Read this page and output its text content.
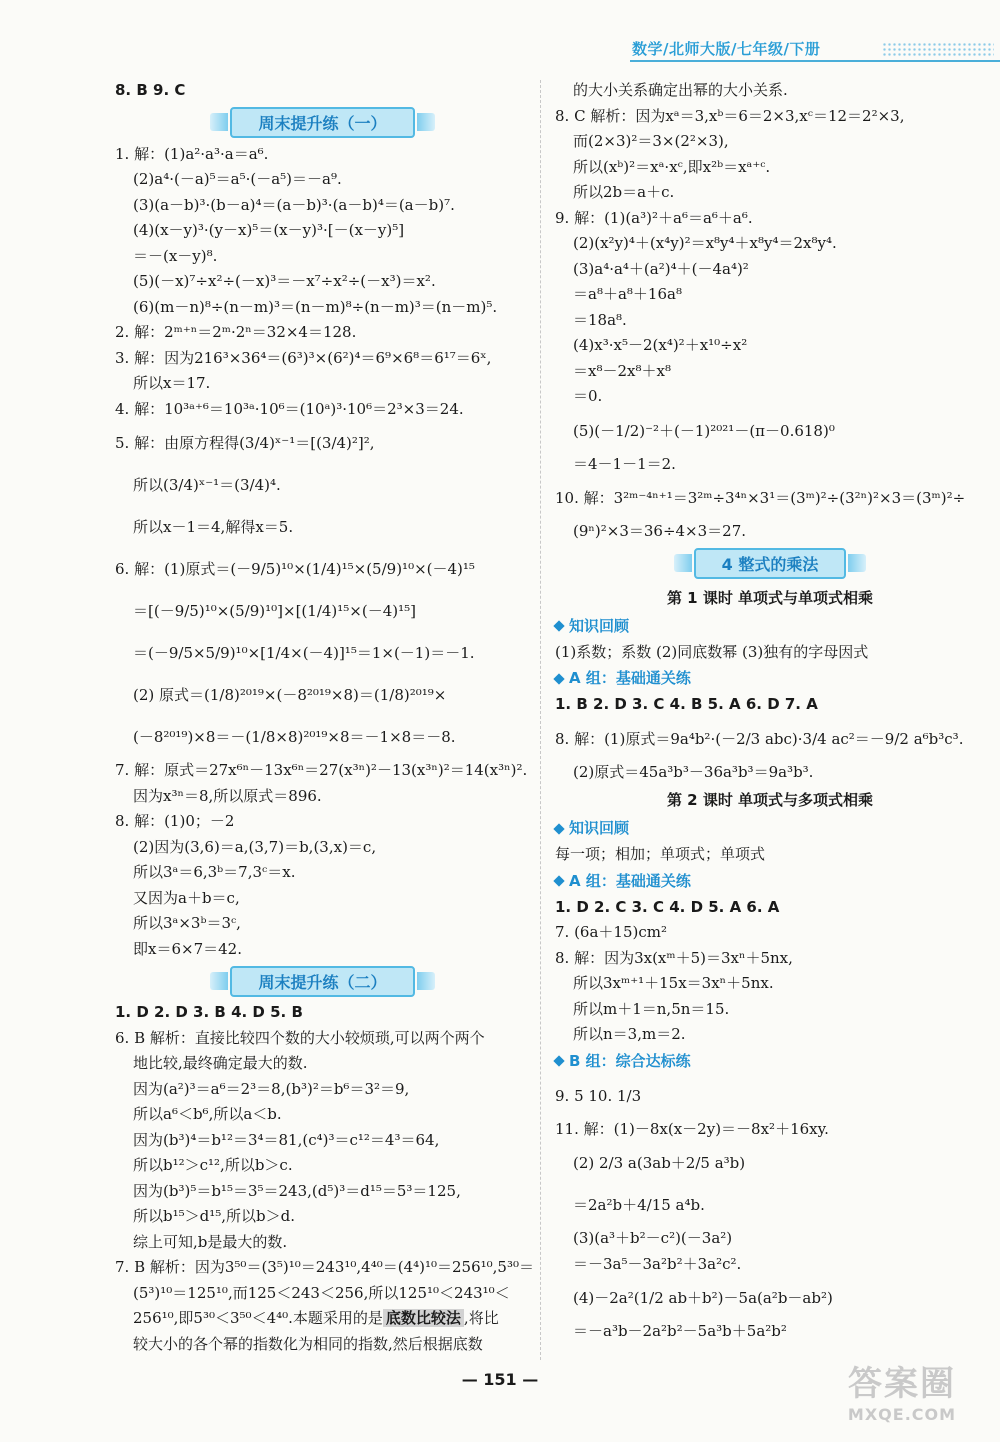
数学/北师大版/七年级/下册
8. B 9. C
周末提升练（一）
1. 解：(1)a²·a³·a＝a⁶.
(2)a⁴·(－a)⁵＝a⁵·(－a⁵)＝－a⁹.
(3)(a－b)³·(b－a)⁴＝(a－b)³·(a－b)⁴＝(a－b)⁷.
(4)(x－y)³·(y－x)⁵＝(x－y)³·[－(x－y)⁵]
＝－(x－y)⁸.
(5)(－x)⁷÷x²÷(－x)³＝－x⁷÷x²÷(－x³)＝x².
(6)(m－n)⁸÷(n－m)³＝(n－m)⁸÷(n－m)³＝(n－m)⁵.
2. 解：2ᵐ⁺ⁿ＝2ᵐ·2ⁿ＝32×4＝128.
3. 解：因为216³×36⁴＝(6³)³×(6²)⁴＝6⁹×6⁸＝6¹⁷＝6ˣ,
所以x＝17.
4. 解：10³ᵃ⁺⁶＝10³ᵃ·10⁶＝(10ᵃ)³·10⁶＝2³×3＝24.
5. 解：由原方程得(3/4)ˣ⁻¹＝[(3/4)²]²,
所以(3/4)ˣ⁻¹＝(3/4)⁴.
所以x－1＝4,解得x＝5.
6. 解：(1)原式＝(－9/5)¹⁰×(1/4)¹⁵×(5/9)¹⁰×(－4)¹⁵
＝[(－9/5)¹⁰×(5/9)¹⁰]×[(1/4)¹⁵×(－4)¹⁵]
＝(－9/5×5/9)¹⁰×[1/4×(－4)]¹⁵＝1×(－1)＝－1.
(2) 原式＝(1/8)²⁰¹⁹×(－8²⁰¹⁹×8)＝(1/8)²⁰¹⁹×
(－8²⁰¹⁹)×8＝－(1/8×8)²⁰¹⁹×8＝－1×8＝－8.
7. 解：原式＝27x⁶ⁿ－13x⁶ⁿ＝27(x³ⁿ)²－13(x³ⁿ)²＝14(x³ⁿ)².
因为x³ⁿ＝8,所以原式＝896.
8. 解：(1)0；－2
(2)因为(3,6)＝a,(3,7)＝b,(3,x)＝c,
所以3ᵃ＝6,3ᵇ＝7,3ᶜ＝x.
又因为a＋b＝c,
所以3ᵃ×3ᵇ＝3ᶜ,
即x＝6×7＝42.
周末提升练（二）
1. D 2. D 3. B 4. D 5. B
6. B 解析：直接比较四个数的大小较烦琐,可以两个两个
地比较,最终确定最大的数.
因为(a²)³＝a⁶＝2³＝8,(b³)²＝b⁶＝3²＝9,
所以a⁶＜b⁶,所以a＜b.
因为(b³)⁴＝b¹²＝3⁴＝81,(c⁴)³＝c¹²＝4³＝64,
所以b¹²＞c¹²,所以b＞c.
因为(b³)⁵＝b¹⁵＝3⁵＝243,(d⁵)³＝d¹⁵＝5³＝125,
所以b¹⁵＞d¹⁵,所以b＞d.
综上可知,b是最大的数.
7. B 解析：因为3⁵⁰＝(3⁵)¹⁰＝243¹⁰,4⁴⁰＝(4⁴)¹⁰＝256¹⁰,5³⁰＝
(5³)¹⁰＝125¹⁰,而125＜243＜256,所以125¹⁰＜243¹⁰＜
256¹⁰,即5³⁰＜3⁵⁰＜4⁴⁰.本题采用的是 底数比较法 ,将比
较大小的各个幂的指数化为相同的指数,然后根据底数
的大小关系确定出幂的大小关系.
8. C 解析：因为xᵃ＝3,xᵇ＝6＝2×3,xᶜ＝12＝2²×3,
而(2×3)²＝3×(2²×3),
所以(xᵇ)²＝xᵃ·xᶜ,即x²ᵇ＝xᵃ⁺ᶜ.
所以2b＝a＋c.
9. 解：(1)(a³)²＋a⁶＝a⁶＋a⁶.
(2)(x²y)⁴＋(x⁴y)²＝x⁸y⁴＋x⁸y⁴＝2x⁸y⁴.
(3)a⁴·a⁴＋(a²)⁴＋(－4a⁴)²
＝a⁸＋a⁸＋16a⁸
＝18a⁸.
(4)x³·x⁵－2(x⁴)²＋x¹⁰÷x²
＝x⁸－2x⁸＋x⁸
＝0.
(5)(－1/2)⁻²＋(－1)²⁰²¹－(π－0.618)⁰
＝4－1－1＝2.
10. 解：3²ᵐ⁻⁴ⁿ⁺¹＝3²ᵐ÷3⁴ⁿ×3¹＝(3ᵐ)²÷(3²ⁿ)²×3＝(3ᵐ)²÷
(9ⁿ)²×3＝36÷4×3＝27.
4 整式的乘法
第 1 课时 单项式与单项式相乘
知识回顾
(1)系数；系数 (2)同底数幂 (3)独有的字母因式
A 组：基础通关练
1. B 2. D 3. C 4. B 5. A 6. D 7. A
8. 解：(1)原式＝9a⁴b²·(－2/3 abc)·3/4 ac²＝－9/2 a⁶b³c³.
(2)原式＝45a³b³－36a³b³＝9a³b³.
第 2 课时 单项式与多项式相乘
知识回顾
每一项；相加；单项式；单项式
A 组：基础通关练
1. D 2. C 3. C 4. D 5. A 6. A
7. (6a＋15)cm²
8. 解：因为3x(xᵐ＋5)＝3xⁿ＋5nx,
所以3xᵐ⁺¹＋15x＝3xⁿ＋5nx.
所以m＋1＝n,5n＝15.
所以n＝3,m＝2.
B 组：综合达标练
9. 5 10. 1/3
11. 解：(1)－8x(x－2y)＝－8x²＋16xy.
(2) 2/3 a(3ab＋2/5 a³b)
＝2a²b＋4/15 a⁴b.
(3)(a³＋b²－c²)(－3a²)
＝－3a⁵－3a²b²＋3a²c².
(4)－2a²(1/2 ab＋b²)－5a(a²b－ab²)
＝－a³b－2a²b²－5a³b＋5a²b²
— 151 —	答案圈
MXQE.COM
